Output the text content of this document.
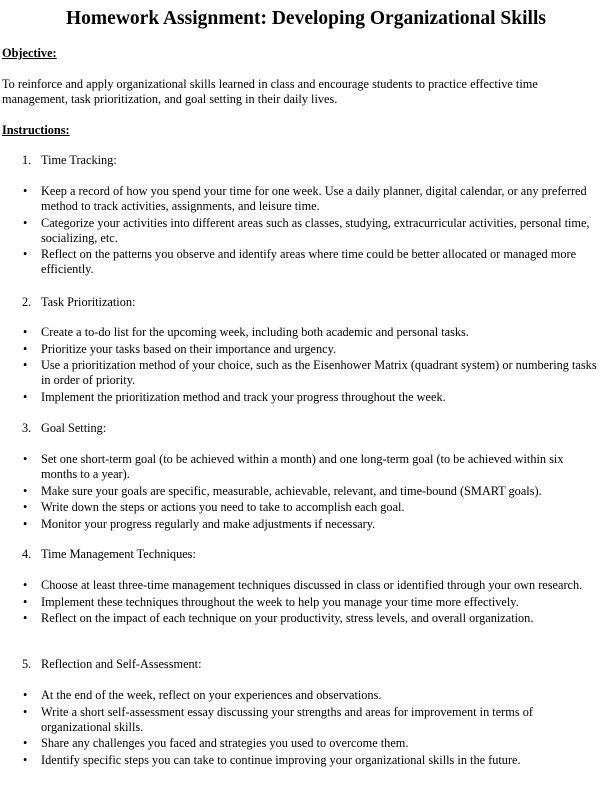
Homework Assignment: Developing Organizational Skills

Objective:

To reinforce and apply organizational skills learned in class and encourage students to practice effective time management, task prioritization, and goal setting in their daily lives.

Instructions:

1. Time Tracking:

• Keep a record of how you spend your time for one week. Use a daily planner, digital calendar, or any preferred method to track activities, assignments, and leisure time.
• Categorize your activities into different areas such as classes, studying, extracurricular activities, personal time, socializing, etc.
• Reflect on the patterns you observe and identify areas where time could be better allocated or managed more efficiently.

2. Task Prioritization:

• Create a to-do list for the upcoming week, including both academic and personal tasks.
• Prioritize your tasks based on their importance and urgency.
• Use a prioritization method of your choice, such as the Eisenhower Matrix (quadrant system) or numbering tasks in order of priority.
• Implement the prioritization method and track your progress throughout the week.

3. Goal Setting:

• Set one short-term goal (to be achieved within a month) and one long-term goal (to be achieved within six months to a year).
• Make sure your goals are specific, measurable, achievable, relevant, and time-bound (SMART goals).
• Write down the steps or actions you need to take to accomplish each goal.
• Monitor your progress regularly and make adjustments if necessary.

4. Time Management Techniques:

• Choose at least three-time management techniques discussed in class or identified through your own research.
• Implement these techniques throughout the week to help you manage your time more effectively.
• Reflect on the impact of each technique on your productivity, stress levels, and overall organization.

5. Reflection and Self-Assessment:

• At the end of the week, reflect on your experiences and observations.
• Write a short self-assessment essay discussing your strengths and areas for improvement in terms of organizational skills.
• Share any challenges you faced and strategies you used to overcome them.
• Identify specific steps you can take to continue improving your organizational skills in the future.
